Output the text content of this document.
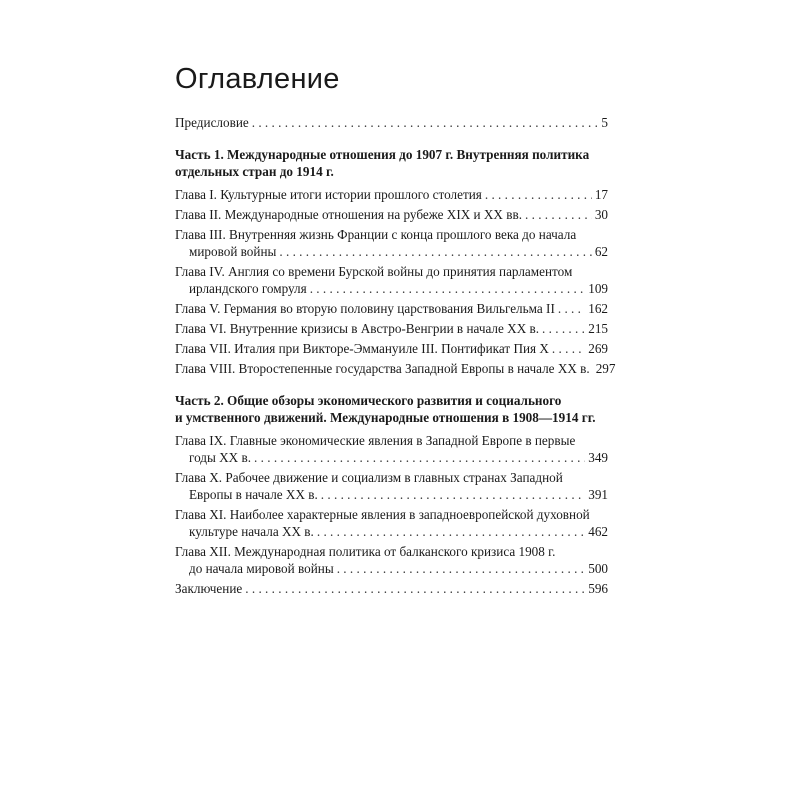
Оглавление
Предисловие . . .	5
Часть 1. Международные отношения до 1907 г. Внутренняя политика
отдельных стран до 1914 г.
Глава I. Культурные итоги истории прошлого столетия . . .	17
Глава II. Международные отношения на рубеже XIX и XX вв. . . .	30
Глава III. Внутренняя жизнь Франции с конца прошлого века до начала
мировой войны . . .	62
Глава IV. Англия со времени Бурской войны до принятия парламентом
ирландского гомруля . . .	109
Глава V. Германия во вторую половину царствования Вильгельма II . . .	162
Глава VI. Внутренние кризисы в Австро-Венгрии в начале XX в. . . .	215
Глава VII. Италия при Викторе-Эммануиле III. Понтификат Пия X . . .	269
Глава VIII. Второстепенные государства Западной Европы в начале XX в. 297
Часть 2. Общие обзоры экономического развития и социального
и умственного движений. Международные отношения в 1908—1914 гг.
Глава IX. Главные экономические явления в Западной Европе в первые
годы XX в. . . .	349
Глава X. Рабочее движение и социализм в главных странах Западной
Европы в начале XX в. . . .	391
Глава XI. Наиболее характерные явления в западноевропейской духовной
культуре начала XX в. . . .	462
Глава XII. Международная политика от балканского кризиса 1908 г.
до начала мировой войны . . .	500
Заключение . . .	596
